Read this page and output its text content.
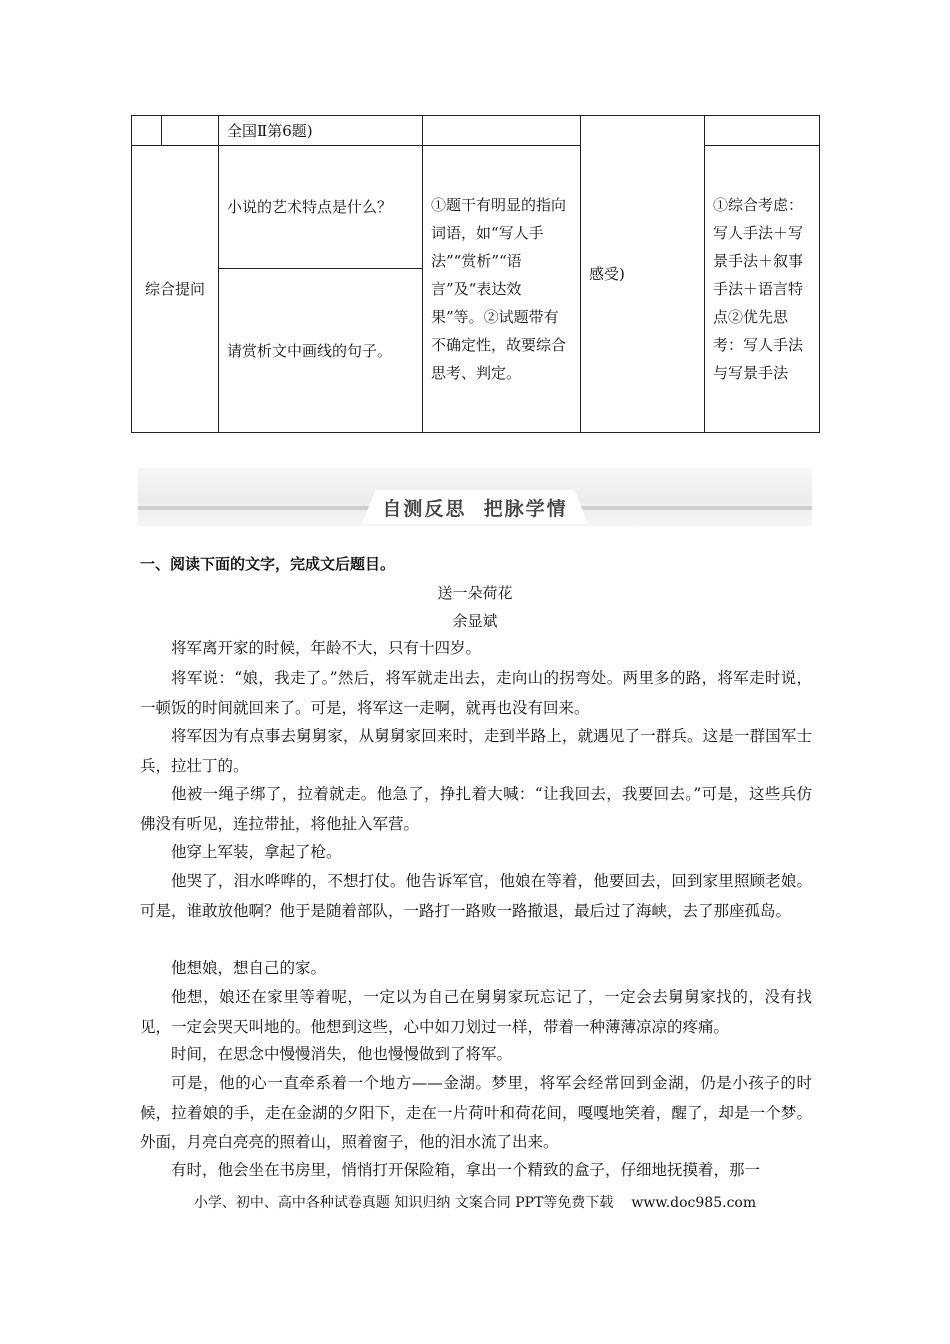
		全国Ⅱ第6题)		感受)	
综合提问		小说的艺术特点是什么？	①题干有明显的指向词语，如“写人手法”“赏析”“语言”及“表达效果”等。②试题带有不确定性，故要综合思考、判定。		①综合考虑：写人手法＋写景手法＋叙事手法＋语言特点②优先思考：写人手法与写景手法
		请赏析文中画线的句子。			
自测反思  把脉学情
一、阅读下面的文字，完成文后题目。
送一朵荷花
余显斌

将军离开家的时候，年龄不大，只有十四岁。

将军说：“娘，我走了。”然后，将军就走出去，走向山的拐弯处。两里多的路，将军走时说，一顿饭的时间就回来了。可是，将军这一走啊，就再也没有回来。

将军因为有点事去舅舅家，从舅舅家回来时，走到半路上，就遇见了一群兵。这是一群国军士兵，拉壮丁的。

他被一绳子绑了，拉着就走。他急了，挣扎着大喊：“让我回去，我要回去。”可是，这些兵仿佛没有听见，连拉带扯，将他扯入军营。

他穿上军装，拿起了枪。

他哭了，泪水哗哗的，不想打仗。他告诉军官，他娘在等着，他要回去，回到家里照顾老娘。可是，谁敢放他啊？他于是随着部队，一路打一路败一路撤退，最后过了海峡，去了那座孤岛。

他想娘，想自己的家。

他想，娘还在家里等着呢，一定以为自己在舅舅家玩忘记了，一定会去舅舅家找的，没有找见，一定会哭天叫地的。他想到这些，心中如刀划过一样，带着一种薄薄凉凉的疼痛。

时间，在思念中慢慢消失，他也慢慢做到了将军。

可是，他的心一直牵系着一个地方——金湖。梦里，将军会经常回到金湖，仍是小孩子的时候，拉着娘的手，走在金湖的夕阳下，走在一片荷叶和荷花间，嘎嘎地笑着，醒了，却是一个梦。外面，月亮白亮亮的照着山，照着窗子，他的泪水流了出来。

有时，他会坐在书房里，悄悄打开保险箱，拿出一个精致的盒子，仔细地抚摸着，那一

小学、初中、高中各种试卷真题 知识归纳 文案合同 PPT等免费下载 www.doc985.com
